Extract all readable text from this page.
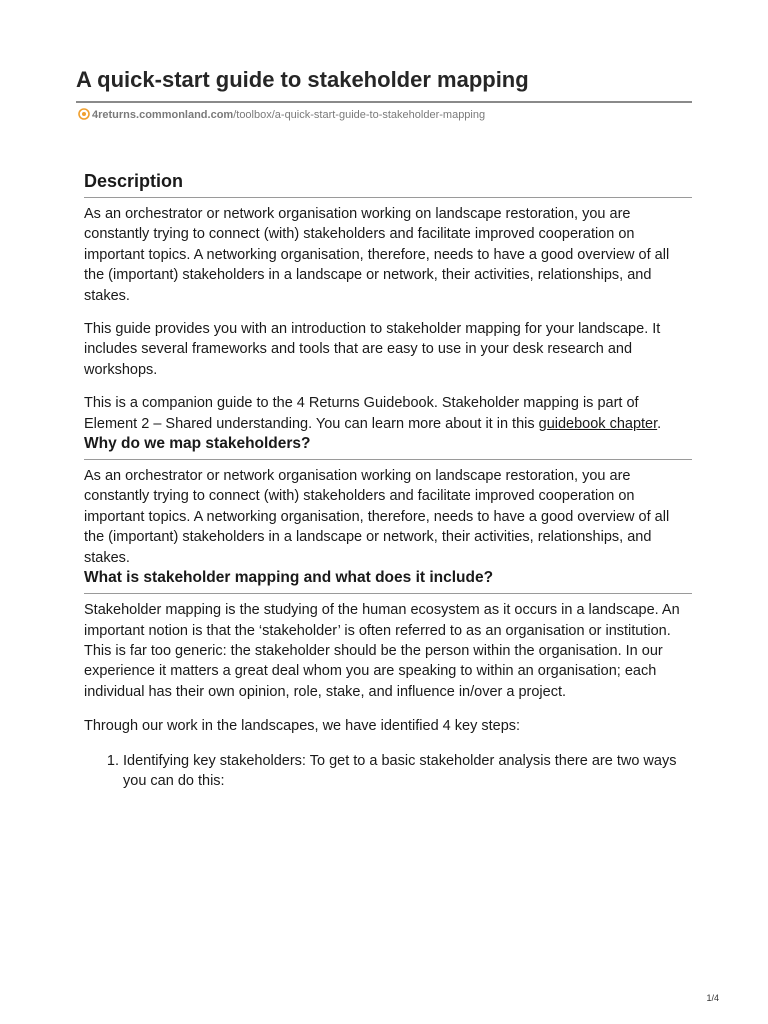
A quick-start guide to stakeholder mapping
4returns.commonland.com/toolbox/a-quick-start-guide-to-stakeholder-mapping
Description

As an orchestrator or network organisation working on landscape restoration, you are constantly trying to connect (with) stakeholders and facilitate improved cooperation on important topics. A networking organisation, therefore, needs to have a good overview of all the (important) stakeholders in a landscape or network, their activities, relationships, and stakes.

This guide provides you with an introduction to stakeholder mapping for your landscape. It includes several frameworks and tools that are easy to use in your desk research and workshops.

This is a companion guide to the 4 Returns Guidebook. Stakeholder mapping is part of Element 2 – Shared understanding. You can learn more about it in this guidebook chapter.

Why do we map stakeholders?

As an orchestrator or network organisation working on landscape restoration, you are constantly trying to connect (with) stakeholders and facilitate improved cooperation on important topics. A networking organisation, therefore, needs to have a good overview of all the (important) stakeholders in a landscape or network, their activities, relationships, and stakes.

What is stakeholder mapping and what does it include?

Stakeholder mapping is the studying of the human ecosystem as it occurs in a landscape. An important notion is that the ‘stakeholder’ is often referred to as an organisation or institution. This is far too generic: the stakeholder should be the person within the organisation. In our experience it matters a great deal whom you are speaking to within an organisation; each individual has their own opinion, role, stake, and influence in/over a project.

Through our work in the landscapes, we have identified 4 key steps:

1. Identifying key stakeholders: To get to a basic stakeholder analysis there are two ways you can do this:
1/4
